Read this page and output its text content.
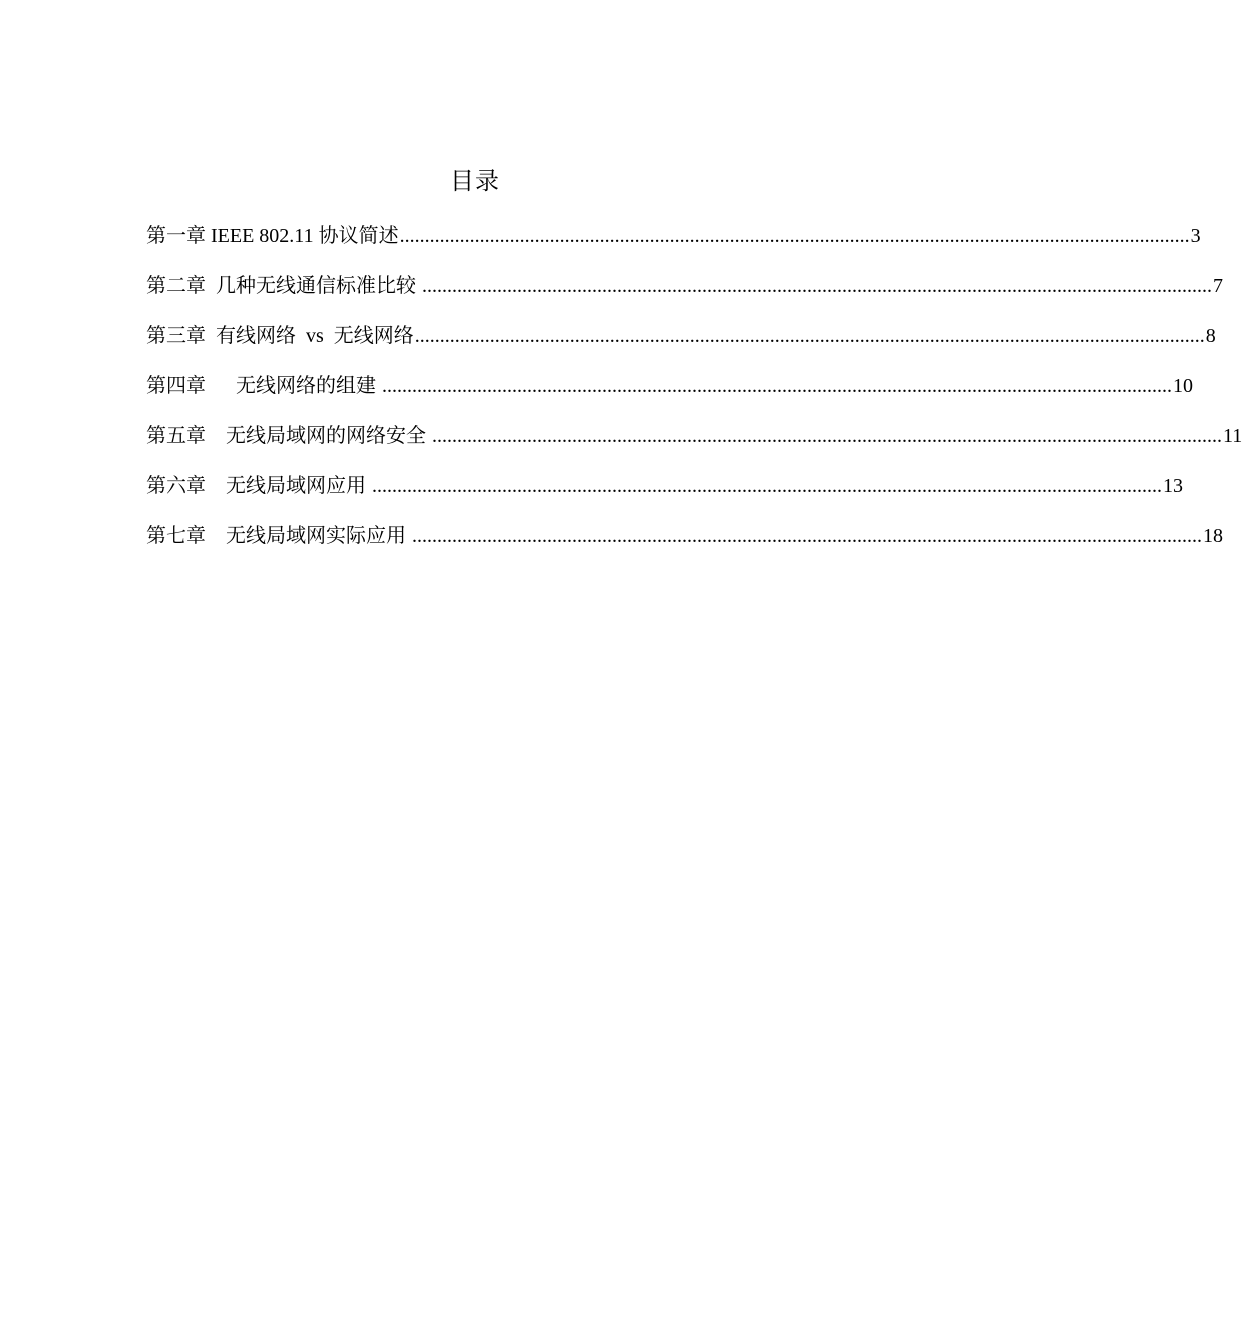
目录
第一章 IEEE 802.11 协议简述 .............................................................................................................................................................. 3
第二章  几种无线通信标准比较 .............................................................................................................................................................. 7
第三章  有线网络  vs  无线网络 .............................................................................................................................................................. 8
第四章      无线网络的组建 .............................................................................................................................................................. 10
第五章    无线局域网的网络安全 .............................................................................................................................................................. 11
第六章    无线局域网应用 .............................................................................................................................................................. 13
第七章    无线局域网实际应用 .............................................................................................................................................................. 18
